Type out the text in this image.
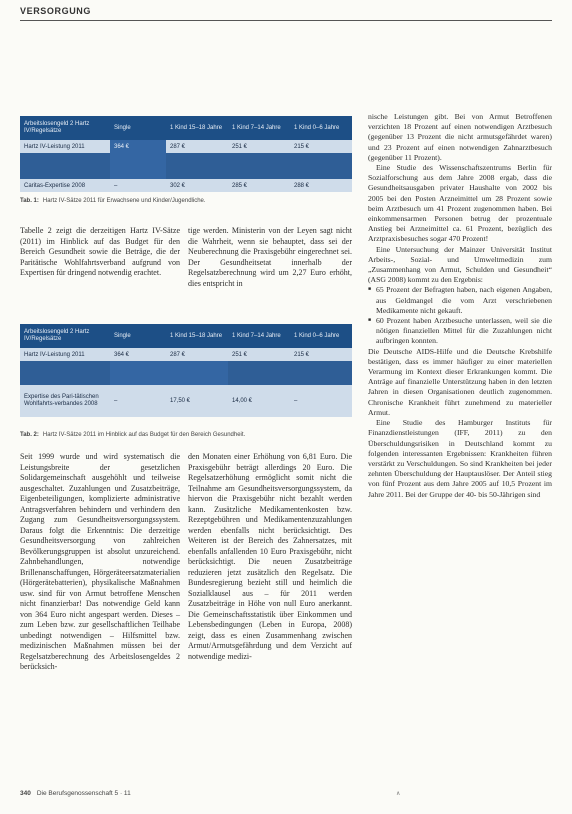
VERSORGUNG
Arbeitslosengeld 2 Hartz IV/Regelsätze	Single	1 Kind 15–18 Jahre	1 Kind 7–14 Jahre	1 Kind 0–6 Jahre
Hartz IV-Leistung 2011	364 €	287 €	251 €	215 €

Caritas-Expertise 2008	–	302 €	285 €	288 €
Tab. 1: Hartz IV-Sätze 2011 für Erwachsene und Kinder/Jugendliche.
Tabelle 2 zeigt die derzeitigen Hartz IV-Sätze (2011) im Hinblick auf das Budget für den Bereich Gesundheit sowie die Beträge, die der Paritätische Wohlfahrtsverband aufgrund von Expertisen für dringend notwendig erachtet.
tige werden. Ministerin von der Leyen sagt nicht die Wahrheit, wenn sie behauptet, dass sei der Neuberechnung die Praxisgebühr eingerechnet sei. Der Gesundheitsetat innerhalb der Regelsatzberechnung wird um 2,27 Euro erhöht, dies entspricht in
Arbeitslosengeld 2 Hartz IV/Regelsätze	Single	1 Kind 15–18 Jahre	1 Kind 7–14 Jahre	1 Kind 0–6 Jahre
Hartz IV-Leistung 2011	364 €	287 €	251 €	215 €

Expertise des Pari-tätischen Wohlfahrts-verbandes 2008	–	17,50 €	14,00 €	–
Tab. 2: Hartz IV-Sätze 2011 im Hinblick auf das Budget für den Bereich Gesundheit.
Seit 1999 wurde und wird systematisch die Leistungsbreite der gesetzlichen Solidargemeinschaft ausgehöhlt und teilweise ausgeschaltet. Zuzahlungen und Zusatzbeiträge, Eigenbeteiligungen, komplizierte administrative Antragsverfahren behindern und verhindern den Zugang zum Gesundheitsversorgungssystem. Daraus folgt die Erkenntnis: Die derzeitige Gesundheitsversorgung von zahlreichen Bevölkerungsgruppen ist absolut unzureichend. Zahnbehandlungen, notwendige Brillenanschaffungen, Hörgeräteersatzmaterialien (Hörgerätebatterien), physikalische Maßnahmen usw. sind für von Armut betroffene Menschen nicht finanzierbar! Das notwendige Geld kann von 364 Euro nicht angespart werden. Dieses – zum Leben bzw. zur gesellschaftlichen Teilhabe unbedingt notwendigen – Hilfsmittel bzw. medizinischen Maßnahmen müssen bei der Regelsatzberechnung des Arbeitslosengeldes 2 berücksich-
den Monaten einer Erhöhung von 6,81 Euro. Die Praxisgebühr beträgt allerdings 20 Euro. Die Regelsatzerhöhung ermöglicht somit nicht die Teilnahme am Gesundheitsversorgungssystem, da hiervon die Praxisgebühr nicht bezahlt werden kann. Zusätzliche Medikamentenkosten bzw. Rezeptgebühren und Medikamentenzuzahlungen werden ebenfalls nicht berücksichtigt. Des Weiteren ist der Bereich des Zahnersatzes, mit ebenfalls anfallenden 10 Euro Praxisgebühr, nicht berücksichtigt. Die neuen Zusatzbeiträge reduzieren jetzt zusätzlich den Regelsatz. Die Bundesregierung bezieht still und heimlich die Sozialklausel aus – für 2011 werden Zusatzbeiträge in Höhe von null Euro anerkannt. Die Gemeinschaftsstatistik über Einkommen und Lebensbedingungen (Leben in Europa, 2008) zeigt, dass es einen Zusammenhang zwischen Armut/Armutsgefährdung und dem Verzicht auf notwendige medizi-

nische Leistungen gibt. Bei von Armut Betroffenen verzichten 18 Prozent auf einen notwendigen Arztbesuch (gegenüber 13 Prozent die nicht armutsgefährdet waren) und 23 Prozent auf einen notwendigen Zahnarztbesuch (gegenüber 11 Prozent).

Eine Studie des Wissenschaftszentrums Berlin für Sozialforschung aus dem Jahre 2008 ergab, dass die Gesundheitsausgaben privater Haushalte von 2002 bis 2005 bei den Posten Arzneimittel um 28 Prozent sowie beim Arztbesuch um 41 Prozent zugenommen haben. Bei einkommensarmen Personen betrug der prozentuale Anstieg bei Arzneimittel ca. 61 Prozent, bezüglich des Arztpraxisbesuches sogar 470 Prozent!

Eine Untersuchung der Mainzer Universität Institut Arbeits-, Sozial- und Umweltmedizin zum „Zusammenhang von Armut, Schulden und Gesundheit“ (ASG 2008) kommt zu den Ergebnis:

■ 65 Prozent der Befragten haben, nach eigenen Angaben, aus Geldmangel die vom Arzt verschriebenen Medikamente nicht gekauft.
■ 60 Prozent haben Arztbesuche unterlassen, weil sie die nötigen finanziellen Mittel für die Zuzahlungen nicht aufbringen konnten.

Die Deutsche AIDS-Hilfe und die Deutsche Krebshilfe bestätigen, dass es immer häufiger zu einer materiellen Verarmung im Kontext dieser Erkrankungen kommt. Die Anträge auf finanzielle Unterstützung haben in den letzten Jahren in diesen Organisationen deutlich zugenommen. Chronische Krankheit führt zunehmend zu materieller Armut.

Eine Studie des Hamburger Instituts für Finanzdienstleistungen (IFF, 2011) zu den Überschuldungsrisiken in Deutschland kommt zu folgenden interessanten Ergebnissen: Krankheiten führen verstärkt zu Verschuldungen. So sind Krankheiten bei jeder zehnten Überschuldung der Hauptauslöser. Der Anteil stieg von fünf Prozent aus dem Jahre 2005 auf 10,5 Prozent im Jahre 2011. Bei der Gruppe der 40- bis 50-Jährigen sind

340 Die Berufsgenossenschaft 5 · 11	∧
